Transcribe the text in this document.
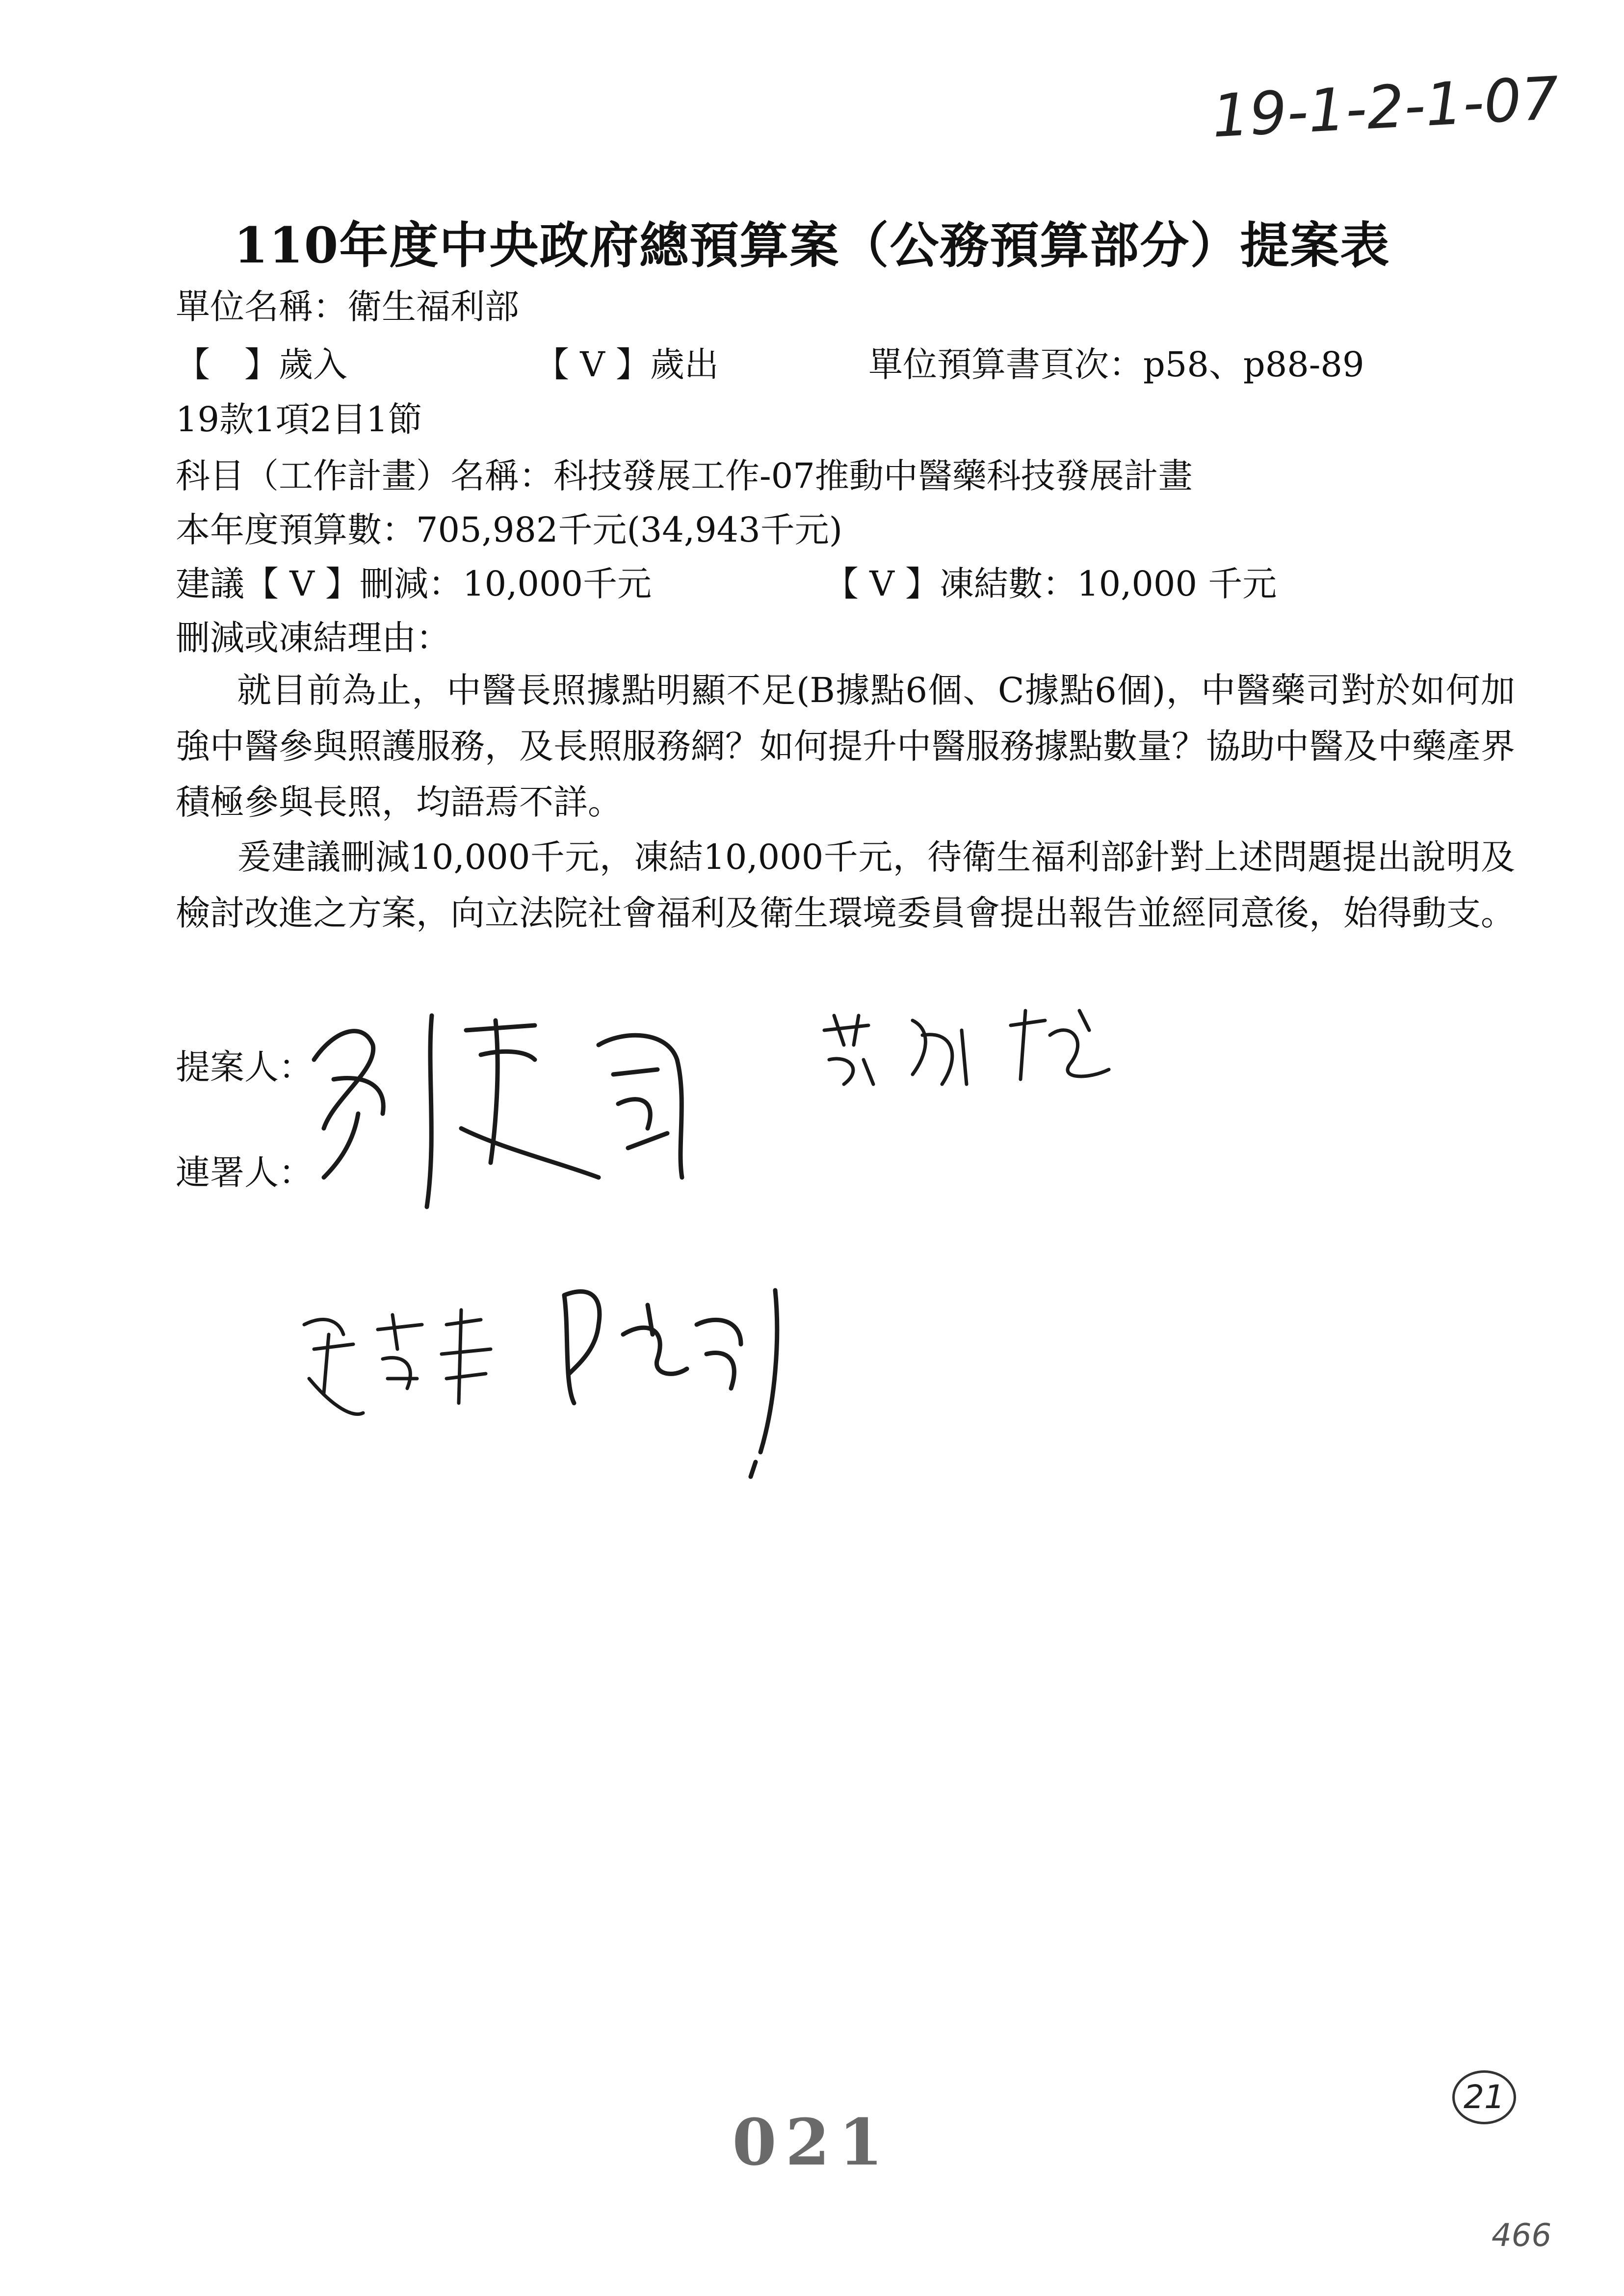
19-1-2-1-07
110年度中央政府總預算案（公務預算部分）提案表
單位名稱：衛生福利部
【　】歲入	【 V 】歲出	單位預算書頁次：p58、p88-89
19款1項2目1節
科目（工作計畫）名稱：科技發展工作-07推動中醫藥科技發展計畫
本年度預算數：705,982千元(34,943千元)
建議【 V 】刪減：10,000千元	【 V 】凍結數：10,000 千元
刪減或凍結理由：
就目前為止，中醫長照據點明顯不足(B據點6個、C據點6個)，中醫藥司對於如何加強中醫參與照護服務，及長照服務網？如何提升中醫服務據點數量？協助中醫及中藥產界積極參與長照，均語焉不詳。
爰建議刪減10,000千元，凍結10,000千元，待衛生福利部針對上述問題提出說明及檢討改進之方案，向立法院社會福利及衛生環境委員會提出報告並經同意後，始得動支。
提案人：
連署人：
21
021
466
